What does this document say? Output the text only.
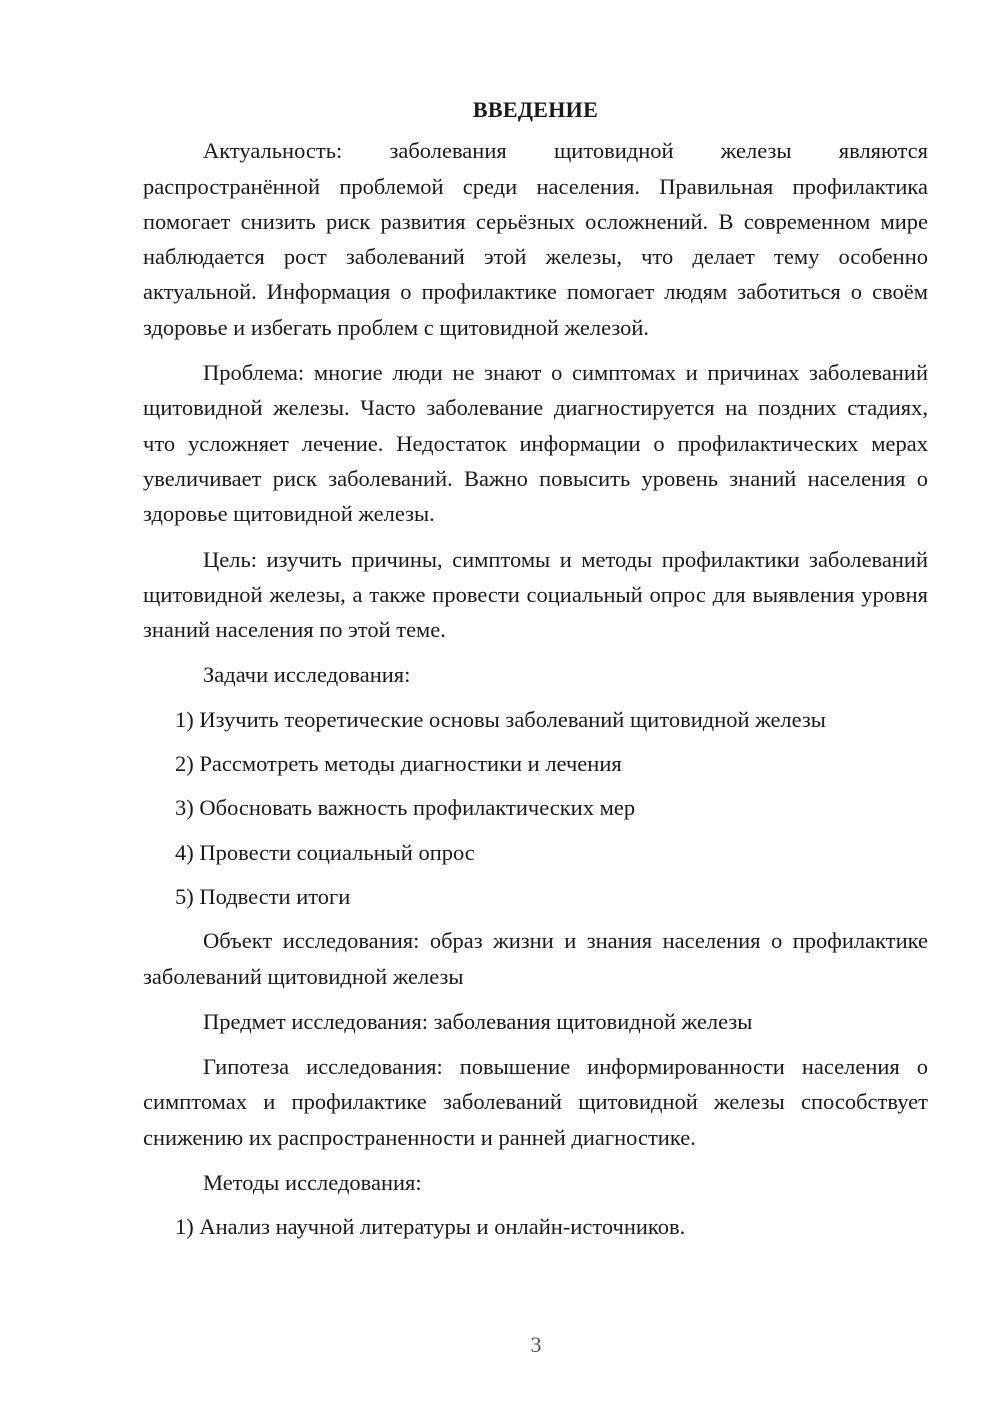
ВВЕДЕНИЕ

Актуальность: заболевания щитовидной железы являются распространённой проблемой среди населения. Правильная профилактика помогает снизить риск развития серьёзных осложнений. В современном мире наблюдается рост заболеваний этой железы, что делает тему особенно актуальной. Информация о профилактике помогает людям заботиться о своём здоровье и избегать проблем с щитовидной железой.

Проблема: многие люди не знают о симптомах и причинах заболеваний щитовидной железы. Часто заболевание диагностируется на поздних стадиях, что усложняет лечение. Недостаток информации о профилактических мерах увеличивает риск заболеваний. Важно повысить уровень знаний населения о здоровье щитовидной железы.

Цель: изучить причины, симптомы и методы профилактики заболеваний щитовидной железы, а также провести социальный опрос для выявления уровня знаний населения по этой теме.

Задачи исследования:
1) Изучить теоретические основы заболеваний щитовидной железы
2) Рассмотреть методы диагностики и лечения
3) Обосновать важность профилактических мер
4) Провести социальный опрос
5) Подвести итоги

Объект исследования: образ жизни и знания населения о профилактике заболеваний щитовидной железы

Предмет исследования: заболевания щитовидной железы

Гипотеза исследования: повышение информированности населения о симптомах и профилактике заболеваний щитовидной железы способствует снижению их распространенности и ранней диагностике.

Методы исследования:
1) Анализ научной литературы и онлайн-источников.
3
